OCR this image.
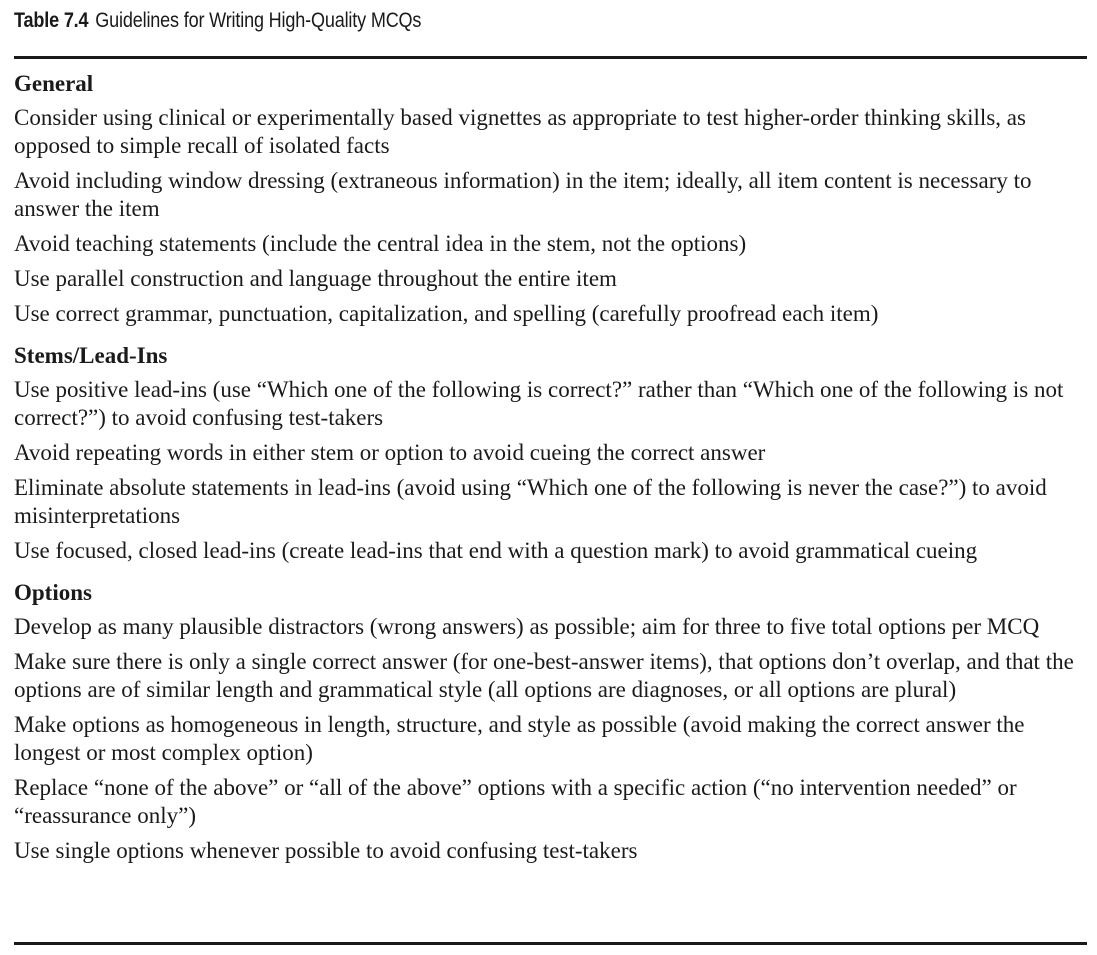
Table 7.4 Guidelines for Writing High-Quality MCQs
General
Consider using clinical or experimentally based vignettes as appropriate to test higher-order thinking skills, as opposed to simple recall of isolated facts
Avoid including window dressing (extraneous information) in the item; ideally, all item content is necessary to answer the item
Avoid teaching statements (include the central idea in the stem, not the options)
Use parallel construction and language throughout the entire item
Use correct grammar, punctuation, capitalization, and spelling (carefully proofread each item)
Stems/Lead-Ins
Use positive lead-ins (use “Which one of the following is correct?” rather than “Which one of the following is not correct?”) to avoid confusing test-takers
Avoid repeating words in either stem or option to avoid cueing the correct answer
Eliminate absolute statements in lead-ins (avoid using “Which one of the following is never the case?”) to avoid misinterpretations
Use focused, closed lead-ins (create lead-ins that end with a question mark) to avoid grammatical cueing
Options
Develop as many plausible distractors (wrong answers) as possible; aim for three to five total options per MCQ
Make sure there is only a single correct answer (for one-best-answer items), that options don’t overlap, and that the options are of similar length and grammatical style (all options are diagnoses, or all options are plural)
Make options as homogeneous in length, structure, and style as possible (avoid making the correct answer the longest or most complex option)
Replace “none of the above” or “all of the above” options with a specific action (“no intervention needed” or “reassurance only”)
Use single options whenever possible to avoid confusing test-takers
